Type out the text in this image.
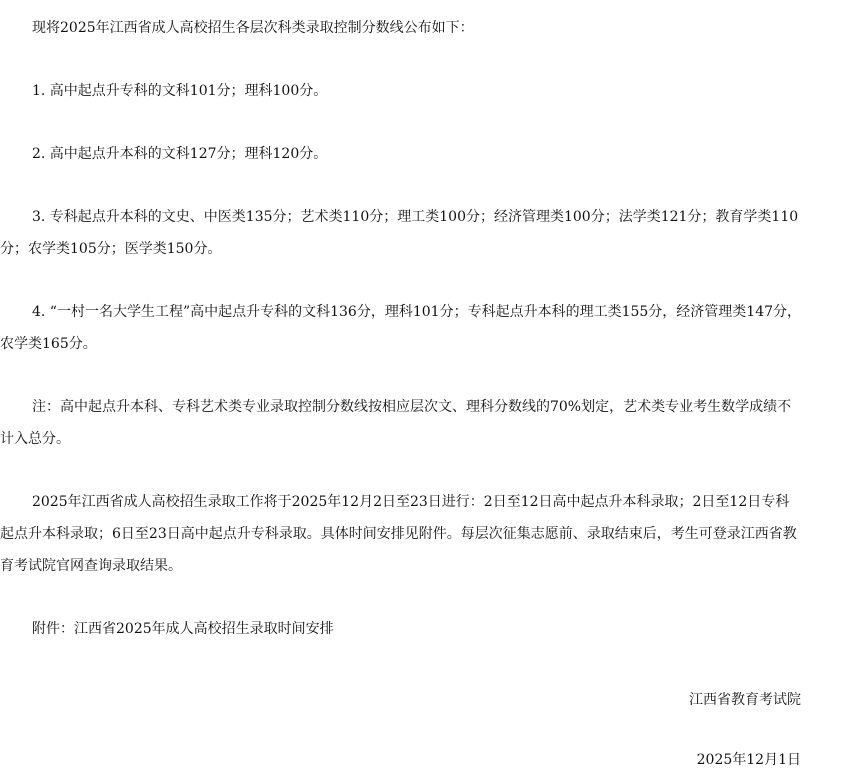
现将2025年江西省成人高校招生各层次科类录取控制分数线公布如下：

1. 高中起点升专科的文科101分；理科100分。

2. 高中起点升本科的文科127分；理科120分。

3. 专科起点升本科的文史、中医类135分；艺术类110分；理工类100分；经济管理类100分；法学类121分；教育学类110分；农学类105分；医学类150分。

4. “一村一名大学生工程”高中起点升专科的文科136分，理科101分；专科起点升本科的理工类155分，经济管理类147分，农学类165分。

注：高中起点升本科、专科艺术类专业录取控制分数线按相应层次文、理科分数线的70%划定，艺术类专业考生数学成绩不计入总分。

2025年江西省成人高校招生录取工作将于2025年12月2日至23日进行：2日至12日高中起点升本科录取；2日至12日专科起点升本科录取；6日至23日高中起点升专科录取。具体时间安排见附件。每层次征集志愿前、录取结束后，考生可登录江西省教育考试院官网查询录取结果。

附件：江西省2025年成人高校招生录取时间安排

江西省教育考试院

2025年12月1日
